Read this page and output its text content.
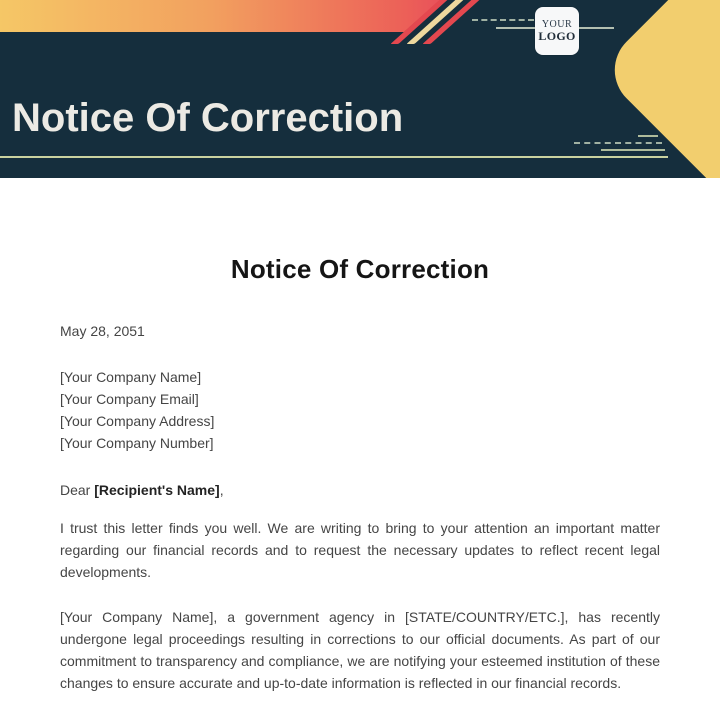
YOUR
LOGO
Notice Of Correction
Notice Of Correction
May 28, 2051
[Your Company Name]
[Your Company Email]
[Your Company Address]
[Your Company Number]
Dear [Recipient's Name],
I trust this letter finds you well. We are writing to bring to your attention an important matter regarding our financial records and to request the necessary updates to reflect recent legal developments.
[Your Company Name], a government agency in [STATE/COUNTRY/ETC.], has recently undergone legal proceedings resulting in corrections to our official documents. As part of our commitment to transparency and compliance, we are notifying your esteemed institution of these changes to ensure accurate and up-to-date information is reflected in our financial records.
